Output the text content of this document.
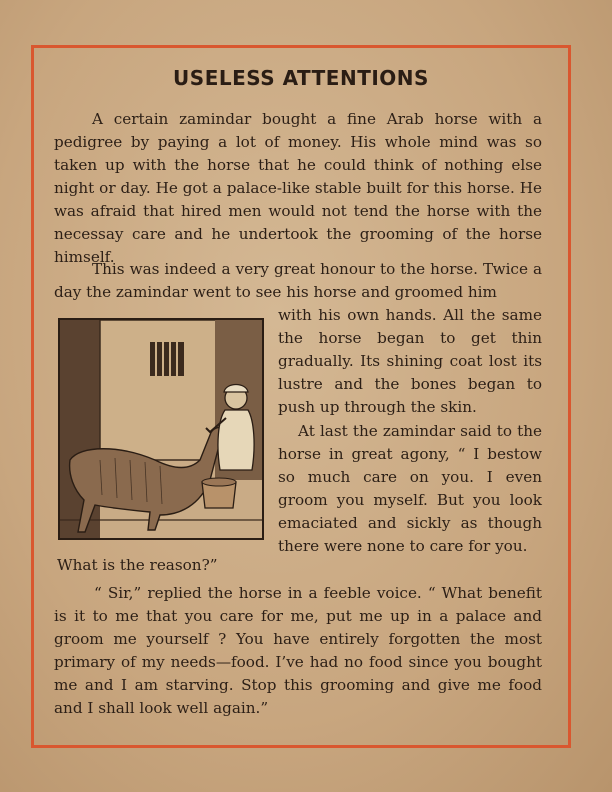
USELESS ATTENTIONS
A certain zamindar bought a fine Arab horse with a pedigree by paying a lot of money. His whole mind was so taken up with the horse that he could think of nothing else night or day. He got a palace-like stable built for this horse. He was afraid that hired men would not tend the horse with the necessay care and he undertook the grooming of the horse himself.
This was indeed a very great honour to the horse. Twice a day the zamindar went to see his horse and groomed him
with his own hands. All the same the horse began to get thin gradually. Its shining coat lost its lustre and the bones began to push up through the skin.
At last the zamindar said to the horse in great agony, “ I bestow so much care on you. I even groom you myself. But you look emaciated and sickly as though there were none to care for you.
What is the reason?”
“ Sir,” replied the horse in a feeble voice. “ What benefit is it to me that you care for me, put me up in a palace and groom me yourself ? You have entirely forgotten the most primary of my needs—food. I’ve had no food since you bought me and I am starving. Stop this grooming and give me food and I shall look well again.”
